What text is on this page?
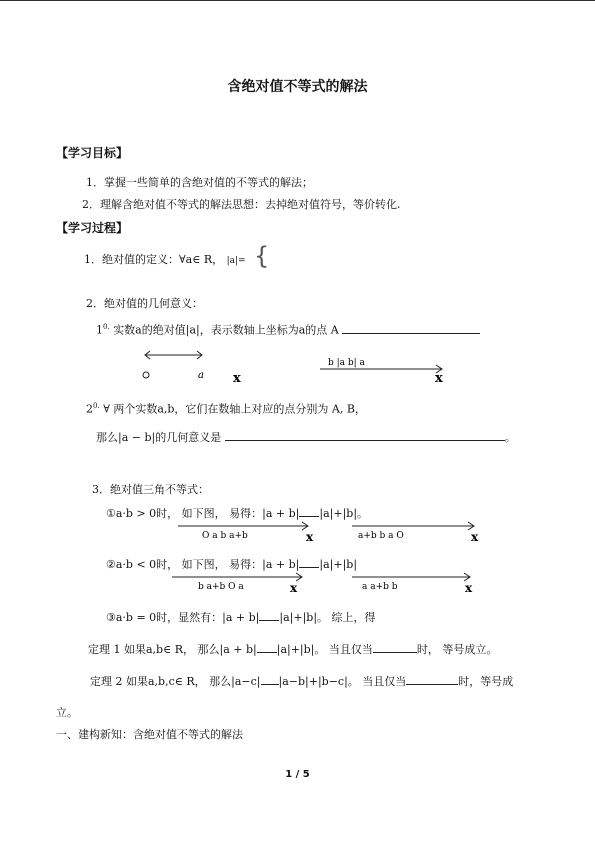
含绝对值不等式的解法
【学习目标】
1．掌握一些简单的含绝对值的不等式的解法；
2．理解含绝对值不等式的解法思想：去掉绝对值符号，等价转化.
【学习过程】
1．绝对值的定义：∀a∈ R， |a|= {
2．绝对值的几何意义：
$1^{0.}$ 实数a的绝对值|a|，表示数轴上坐标为a的点 A
a x
b |a b| a
x
$2^{0.}$ ∀ 两个实数a,b，它们在数轴上对应的点分别为 A, B，
那么|a − b|的几何意义是	。
3．绝对值三角不等式：
①a·b > 0时， 如下图， 易得：|a + b| |a|+|b|。
O a b a+b	x	a+b b a O	x
②a·b < 0时， 如下图， 易得：|a + b| |a|+|b|
b a+b O a	x	a a+b b	x
③a·b = 0时，显然有：|a + b| |a|+|b|。 综上，得
定理 1 如果a,b∈ R， 那么|a + b| |a|+|b|。 当且仅当	时， 等号成立。
定理 2 如果a,b,c∈ R， 那么|a−c| |a−b|+|b−c|。 当且仅当	时，等号成
立。
一、建构新知：含绝对值不等式的解法
1 / 5
